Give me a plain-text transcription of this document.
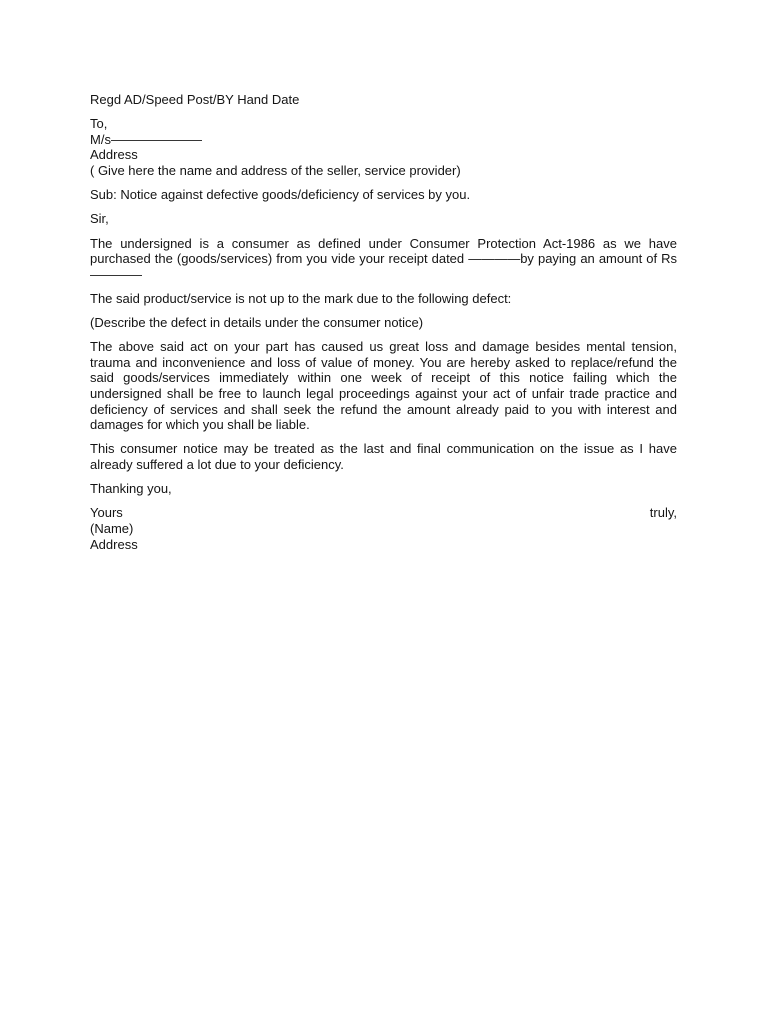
Regd AD/Speed Post/BY Hand Date
To,
M/s———————
Address
( Give here the name and address of the seller, service provider)
Sub: Notice against defective goods/deficiency of services by you.
Sir,
The undersigned is a consumer as defined under Consumer Protection Act-1986 as we have purchased the (goods/services) from you vide your receipt dated ————by paying an amount of Rs————
The said product/service is not up to the mark due to the following defect:
(Describe the defect in details under the consumer notice)
The above said act on your part has caused us great loss and damage besides mental tension, trauma and inconvenience and loss of value of money. You are hereby asked to replace/refund the said goods/services immediately within one week of receipt of this notice failing which the undersigned shall be free to launch legal proceedings against your act of unfair trade practice and deficiency of services and shall seek the refund the amount already paid to you with interest and damages for which you shall be liable.
This consumer notice may be treated as the last and final communication on the issue as I have already suffered a lot due to your deficiency.
Thanking you,
Yours	truly,
(Name)
Address
